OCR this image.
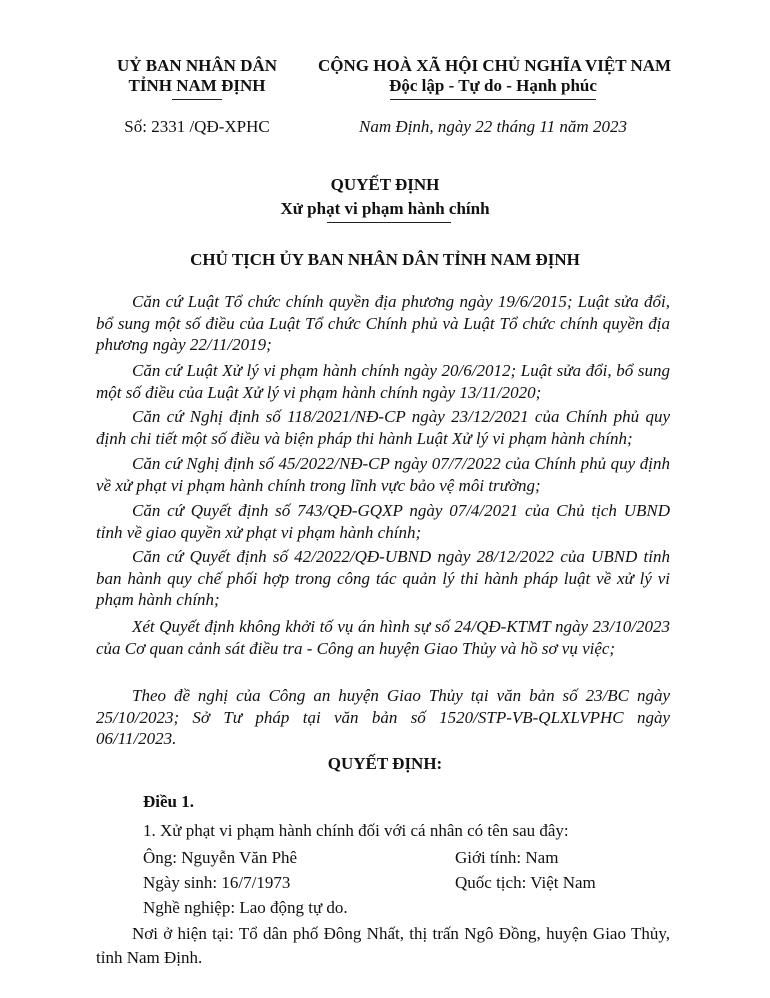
UỶ BAN NHÂN DÂN
TỈNH NAM ĐỊNH
Số: 2331 /QĐ-XPHC
CỘNG HOÀ XÃ HỘI CHỦ NGHĨA VIỆT NAM
Độc lập - Tự do - Hạnh phúc
Nam Định, ngày 22 tháng 11 năm 2023
QUYẾT ĐỊNH
Xử phạt vi phạm hành chính
CHỦ TỊCH ỦY BAN NHÂN DÂN TỈNH NAM ĐỊNH
Căn cứ Luật Tổ chức chính quyền địa phương ngày 19/6/2015; Luật sửa đổi, bổ sung một số điều của Luật Tổ chức Chính phủ và Luật Tổ chức chính quyền địa phương ngày 22/11/2019;
Căn cứ Luật Xử lý vi phạm hành chính ngày 20/6/2012; Luật sửa đổi, bổ sung một số điều của Luật Xử lý vi phạm hành chính ngày 13/11/2020;
Căn cứ Nghị định số 118/2021/NĐ-CP ngày 23/12/2021 của Chính phủ quy định chi tiết một số điều và biện pháp thi hành Luật Xử lý vi phạm hành chính;
Căn cứ Nghị định số 45/2022/NĐ-CP ngày 07/7/2022 của Chính phủ quy định về xử phạt vi phạm hành chính trong lĩnh vực bảo vệ môi trường;
Căn cứ Quyết định số 743/QĐ-GQXP ngày 07/4/2021 của Chủ tịch UBND tỉnh về giao quyền xử phạt vi phạm hành chính;
Căn cứ Quyết định số 42/2022/QĐ-UBND ngày 28/12/2022 của UBND tỉnh ban hành quy chế phối hợp trong công tác quản lý thi hành pháp luật về xử lý vi phạm hành chính;
Xét Quyết định không khởi tố vụ án hình sự số 24/QĐ-KTMT ngày 23/10/2023 của Cơ quan cảnh sát điều tra - Công an huyện Giao Thủy và hồ sơ vụ việc;
Theo đề nghị của Công an huyện Giao Thủy tại văn bản số 23/BC ngày 25/10/2023; Sở Tư pháp tại văn bản số 1520/STP-VB-QLXLVPHC ngày 06/11/2023.
QUYẾT ĐỊNH:
Điều 1.
1. Xử phạt vi phạm hành chính đối với cá nhân có tên sau đây:
Ông: Nguyễn Văn Phê	Giới tính: Nam
Ngày sinh: 16/7/1973	Quốc tịch: Việt Nam
Nghề nghiệp: Lao động tự do.
Nơi ở hiện tại: Tổ dân phố Đông Nhất, thị trấn Ngô Đồng, huyện Giao Thủy, tỉnh Nam Định.
